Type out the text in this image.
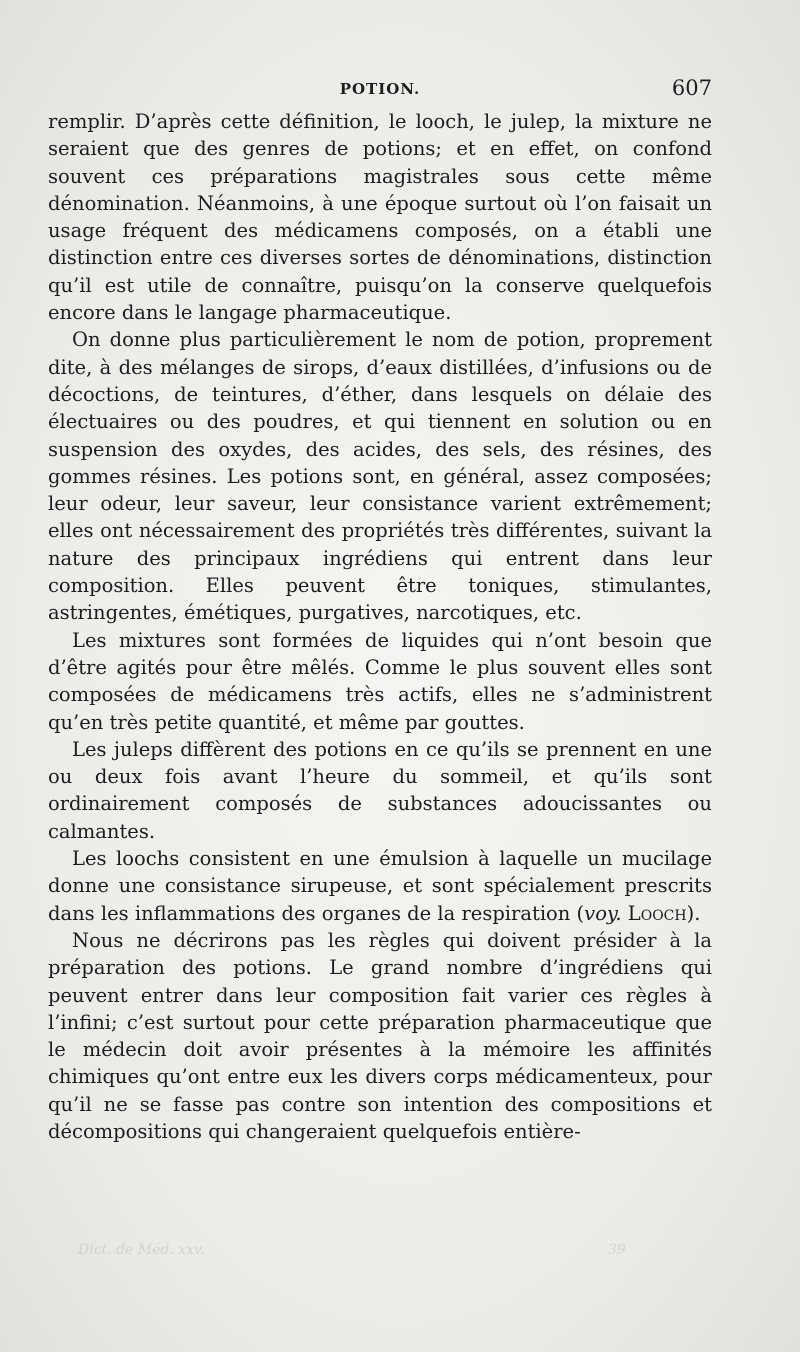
POTION.	607

remplir. D’après cette définition, le looch, le julep, la mixture ne seraient que des genres de potions; et en effet, on confond souvent ces préparations magistrales sous cette même dénomination. Néanmoins, à une époque surtout où l’on faisait un usage fréquent des médicamens composés, on a établi une distinction entre ces diverses sortes de dénominations, distinction qu’il est utile de connaître, puisqu’on la conserve quelquefois encore dans le langage pharmaceutique.

On donne plus particulièrement le nom de potion, proprement dite, à des mélanges de sirops, d’eaux distillées, d’infusions ou de décoctions, de teintures, d’éther, dans lesquels on délaie des électuaires ou des poudres, et qui tiennent en solution ou en suspension des oxydes, des acides, des sels, des résines, des gommes résines. Les potions sont, en général, assez composées; leur odeur, leur saveur, leur consistance varient extrêmement; elles ont nécessairement des propriétés très différentes, suivant la nature des principaux ingrédiens qui entrent dans leur composition. Elles peuvent être toniques, stimulantes, astringentes, émétiques, purgatives, narcotiques, etc.

Les mixtures sont formées de liquides qui n’ont besoin que d’être agités pour être mêlés. Comme le plus souvent elles sont composées de médicamens très actifs, elles ne s’administrent qu’en très petite quantité, et même par gouttes.

Les juleps diffèrent des potions en ce qu’ils se prennent en une ou deux fois avant l’heure du sommeil, et qu’ils sont ordinairement composés de substances adoucissantes ou calmantes.

Les loochs consistent en une émulsion à laquelle un mucilage donne une consistance sirupeuse, et sont spécialement prescrits dans les inflammations des organes de la respiration (voy. Looch).

Nous ne décrirons pas les règles qui doivent présider à la préparation des potions. Le grand nombre d’ingrédiens qui peuvent entrer dans leur composition fait varier ces règles à l’infini; c’est surtout pour cette préparation pharmaceutique que le médecin doit avoir présentes à la mémoire les affinités chimiques qu’ont entre eux les divers corps médicamenteux, pour qu’il ne se fasse pas contre son intention des compositions et décompositions qui changeraient quelquefois entière-

Dict. de Méd. xxv.	39
